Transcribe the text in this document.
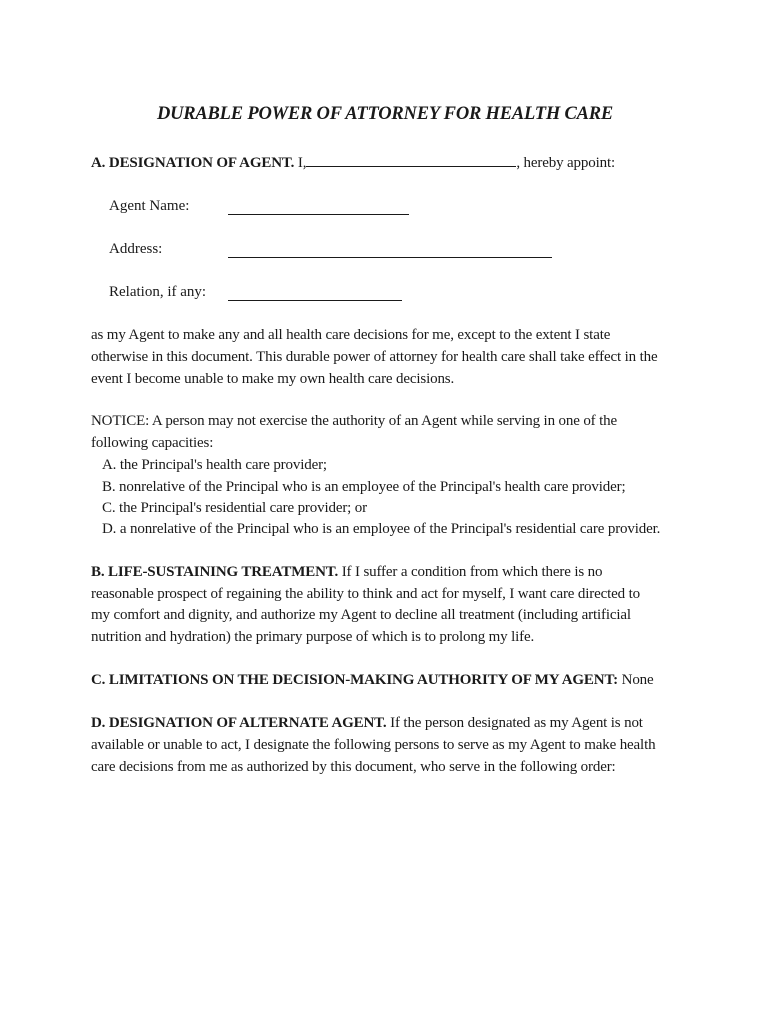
DURABLE POWER OF ATTORNEY FOR HEALTH CARE
A. DESIGNATION OF AGENT. I,	, hereby appoint:
Agent Name:
Address:
Relation, if any:
as my Agent to make any and all health care decisions for me, except to the extent I state
otherwise in this document. This durable power of attorney for health care shall take effect in the
event I become unable to make my own health care decisions.
NOTICE: A person may not exercise the authority of an Agent while serving in one of the
following capacities:
A. the Principal's health care provider;
B. nonrelative of the Principal who is an employee of the Principal's health care provider;
C. the Principal's residential care provider; or
D. a nonrelative of the Principal who is an employee of the Principal's residential care provider.
B. LIFE-SUSTAINING TREATMENT. If I suffer a condition from which there is no
reasonable prospect of regaining the ability to think and act for myself, I want care directed to
my comfort and dignity, and authorize my Agent to decline all treatment (including artificial
nutrition and hydration) the primary purpose of which is to prolong my life.
C. LIMITATIONS ON THE DECISION-MAKING AUTHORITY OF MY AGENT: None
D. DESIGNATION OF ALTERNATE AGENT. If the person designated as my Agent is not
available or unable to act, I designate the following persons to serve as my Agent to make health
care decisions from me as authorized by this document, who serve in the following order:
